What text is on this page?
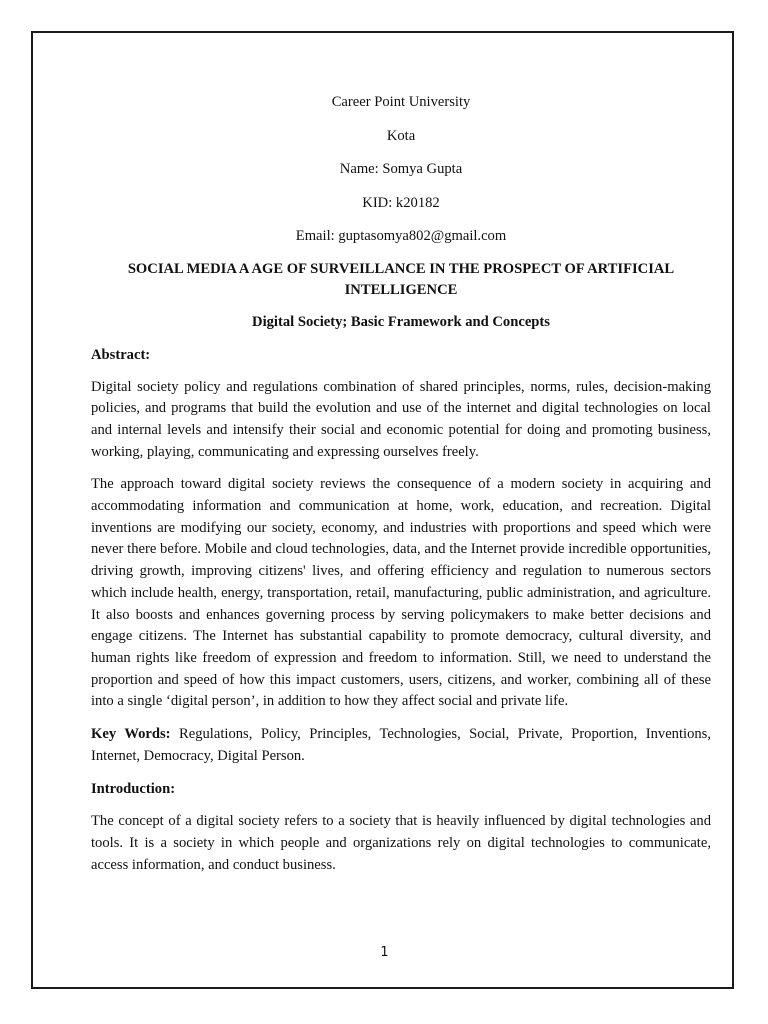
Career Point University

Kota

Name: Somya Gupta

KID: k20182

Email: guptasomya802@gmail.com

SOCIAL MEDIA A AGE OF SURVEILLANCE IN THE PROSPECT OF ARTIFICIAL INTELLIGENCE

Digital Society; Basic Framework and Concepts

Abstract:

Digital society policy and regulations combination of shared principles, norms, rules, decision-making policies, and programs that build the evolution and use of the internet and digital technologies on local and internal levels and intensify their social and economic potential for doing and promoting business, working, playing, communicating and expressing ourselves freely.

The approach toward digital society reviews the consequence of a modern society in acquiring and accommodating information and communication at home, work, education, and recreation. Digital inventions are modifying our society, economy, and industries with proportions and speed which were never there before. Mobile and cloud technologies, data, and the Internet provide incredible opportunities, driving growth, improving citizens' lives, and offering efficiency and regulation to numerous sectors which include health, energy, transportation, retail, manufacturing, public administration, and agriculture. It also boosts and enhances governing process by serving policymakers to make better decisions and engage citizens. The Internet has substantial capability to promote democracy, cultural diversity, and human rights like freedom of expression and freedom to information. Still, we need to understand the proportion and speed of how this impact customers, users, citizens, and worker, combining all of these into a single ‘digital person’, in addition to how they affect social and private life.

Key Words: Regulations, Policy, Principles, Technologies, Social, Private, Proportion, Inventions, Internet, Democracy, Digital Person.

Introduction:

The concept of a digital society refers to a society that is heavily influenced by digital technologies and tools. It is a society in which people and organizations rely on digital technologies to communicate, access information, and conduct business.

1
